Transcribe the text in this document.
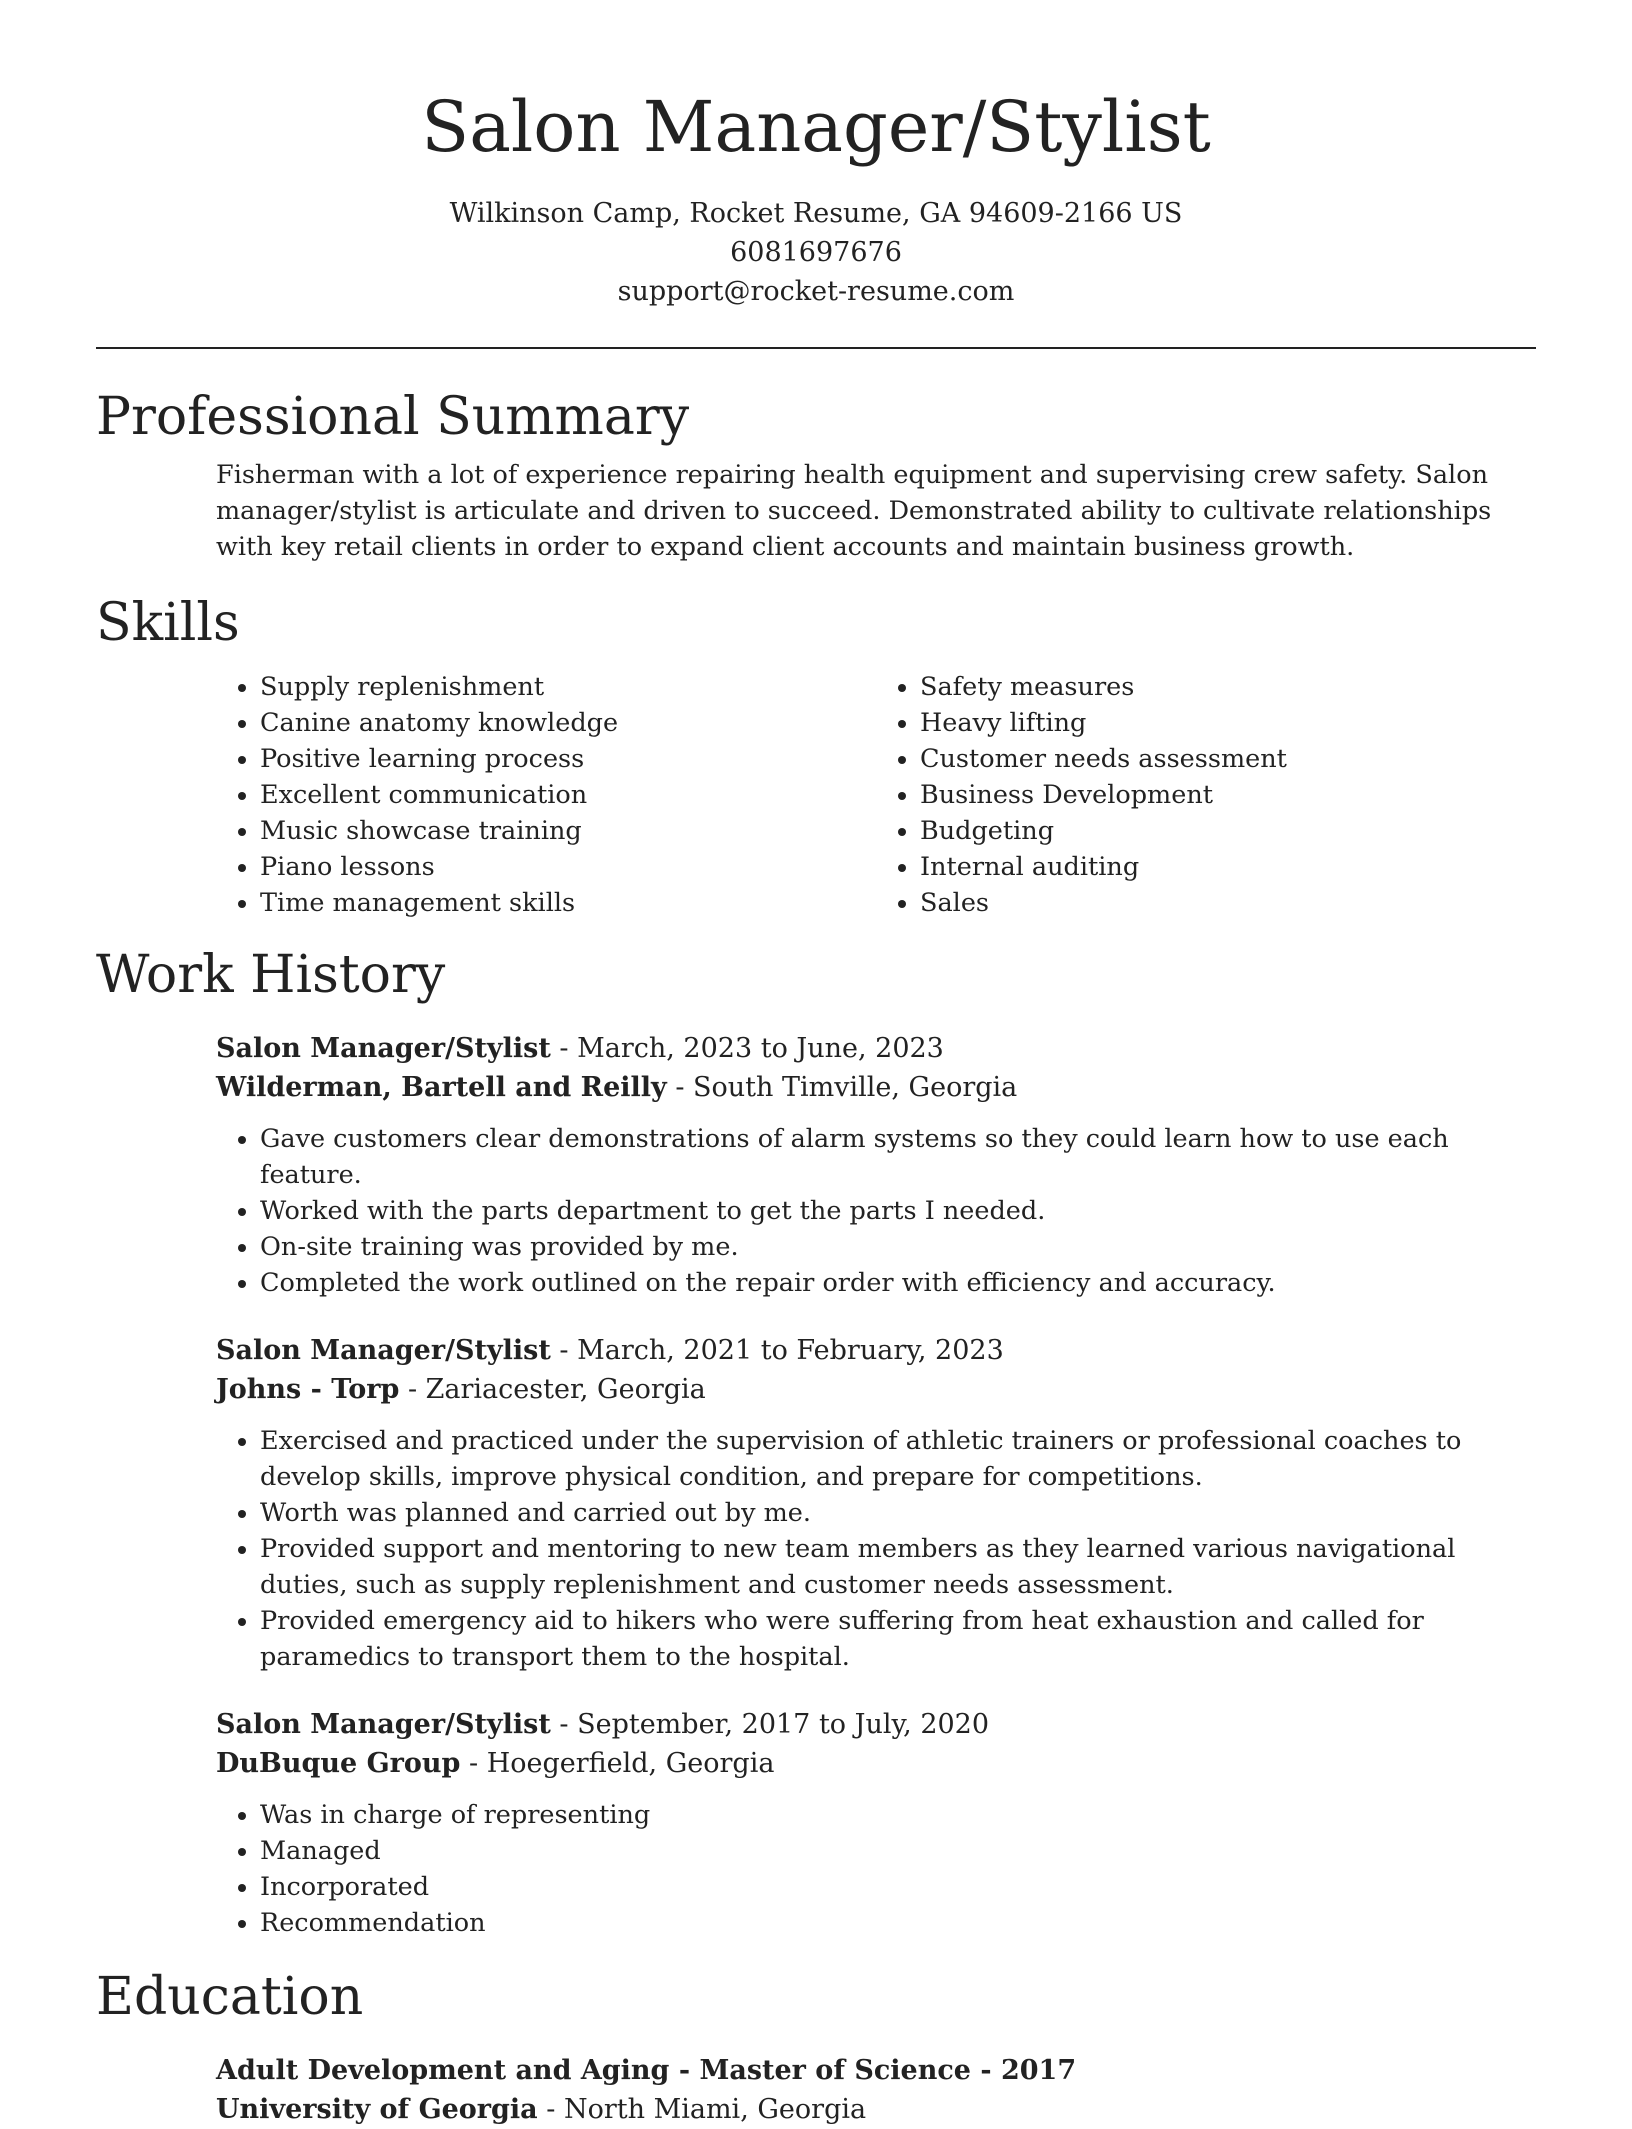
Salon Manager/Stylist
Wilkinson Camp, Rocket Resume, GA 94609-2166 US
6081697676
support@rocket-resume.com
Professional Summary
Fisherman with a lot of experience repairing health equipment and supervising crew safety. Salon manager/stylist is articulate and driven to succeed. Demonstrated ability to cultivate relationships with key retail clients in order to expand client accounts and maintain business growth.
Skills
• Supply replenishment
• Canine anatomy knowledge
• Positive learning process
• Excellent communication
• Music showcase training
• Piano lessons
• Time management skills
• Safety measures
• Heavy lifting
• Customer needs assessment
• Business Development
• Budgeting
• Internal auditing
• Sales
Work History
Salon Manager/Stylist - March, 2023 to June, 2023
Wilderman, Bartell and Reilly - South Timville, Georgia
• Gave customers clear demonstrations of alarm systems so they could learn how to use each feature.
• Worked with the parts department to get the parts I needed.
• On-site training was provided by me.
• Completed the work outlined on the repair order with efficiency and accuracy.
Salon Manager/Stylist - March, 2021 to February, 2023
Johns - Torp - Zariacester, Georgia
• Exercised and practiced under the supervision of athletic trainers or professional coaches to develop skills, improve physical condition, and prepare for competitions.
• Worth was planned and carried out by me.
• Provided support and mentoring to new team members as they learned various navigational duties, such as supply replenishment and customer needs assessment.
• Provided emergency aid to hikers who were suffering from heat exhaustion and called for paramedics to transport them to the hospital.
Salon Manager/Stylist - September, 2017 to July, 2020
DuBuque Group - Hoegerfield, Georgia
• Was in charge of representing
• Managed
• Incorporated
• Recommendation
Education
Adult Development and Aging - Master of Science - 2017
University of Georgia - North Miami, Georgia
